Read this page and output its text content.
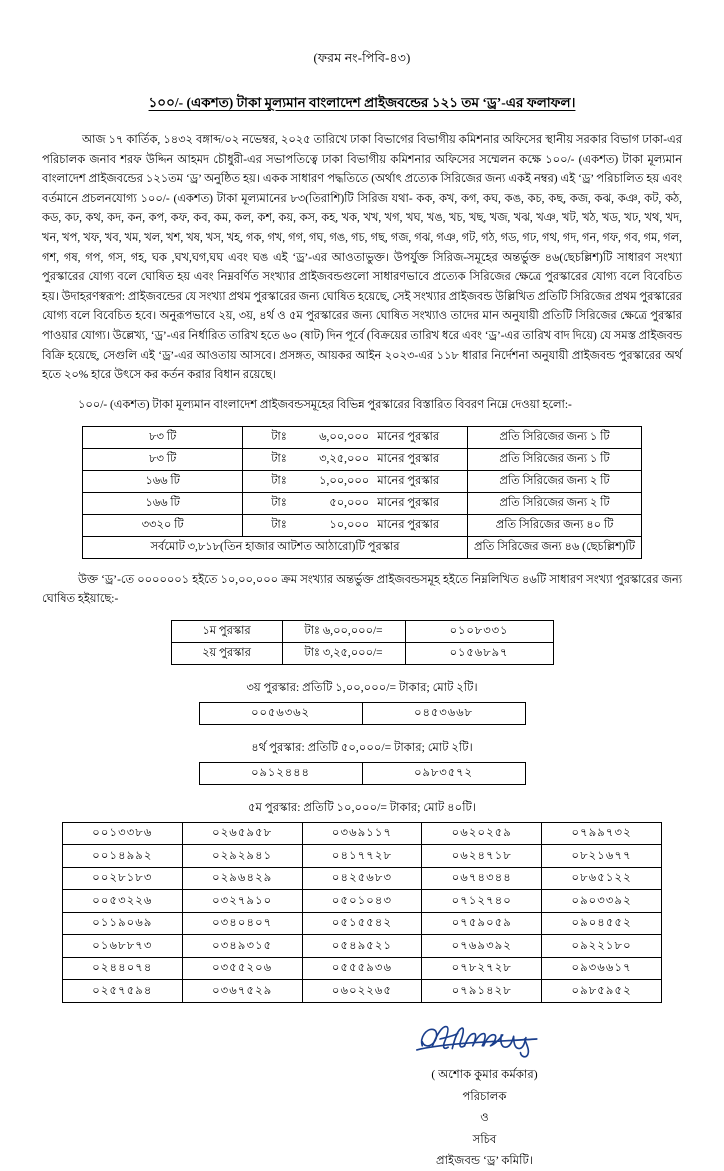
(ফরম নং-পিবি-৪৩)
১০০/- (একশত) টাকা মূল্যমান বাংলাদেশ প্রাইজবন্ডের ১২১ তম ‘ড্র’-এর ফলাফল।

আজ ১৭ কার্তিক, ১৪৩২ বঙ্গাব্দ/০২ নভেম্বর, ২০২৫ তারিখে ঢাকা বিভাগের বিভাগীয় কমিশনার অফিসের স্থানীয় সরকার বিভাগ ঢাকা-এর পরিচালক জনাব শরফ উদ্দিন আহমদ চৌধুরী-এর সভাপতিত্বে ঢাকা বিভাগীয় কমিশনার অফিসের সম্মেলন কক্ষে ১০০/- (একশত) টাকা মূল্যমান বাংলাদেশ প্রাইজবন্ডের ১২১তম ‘ড্র’ অনুষ্ঠিত হয়। একক সাধারণ পদ্ধতিতে (অর্থাৎ প্রত্যেক সিরিজের জন্য একই নম্বর) এই ‘ড্র’ পরিচালিত হয় এবং বর্তমানে প্রচলনযোগ্য ১০০/- (একশত) টাকা মূল্যমানের ৮৩(তিরাশি)টি সিরিজ যথা- কক, কখ, কগ, কঘ, কঙ, কচ, কছ, কজ, কঝ, কঞ, কট, কঠ, কড, কঢ, কথ, কদ, কন, কপ, কফ, কব, কম, কল, কশ, কয়, কস, কহ, খক, খখ, খগ, খঘ, খঙ, খচ, খছ, খজ, খঝ, খঞ, খট, খঠ, খড, খঢ, খথ, খদ, খন, খপ, খফ, খব, খম, খল, খশ, খষ, খস, খহ, গক, গখ, গগ, গঘ, গঙ, গচ, গছ, গজ, গঝ, গঞ, গট, গঠ, গড, গঢ, গথ, গদ, গন, গফ, গব, গম, গল, গশ, গষ, গপ, গস, গহ, ঘক ,ঘখ,ঘগ,ঘঘ এবং ঘঙ এই ‘ড্র’-এর আওতাভুক্ত। উপর্যুক্ত সিরিজ-সমূহের অন্তর্ভুক্ত ৪৬(ছেচল্লিশ)টি সাধারণ সংখ্যা পুরস্কারের যোগ্য বলে ঘোষিত হয় এবং নিম্নবর্ণিত সংখ্যার প্রাইজবন্ডগুলো সাধারণভাবে প্রত্যেক সিরিজের ক্ষেত্রে পুরস্কারের যোগ্য বলে বিবেচিত হয়। উদাহরণস্বরূপ: প্রাইজবন্ডের যে সংখ্যা প্রথম পুরস্কারের জন্য ঘোষিত হয়েছে, সেই সংখ্যার প্রাইজবন্ড উল্লিখিত প্রতিটি সিরিজের প্রথম পুরস্কারের যোগ্য বলে বিবেচিত হবে। অনুরূপভাবে ২য়, ৩য়, ৪র্থ ও ৫ম পুরস্কারের জন্য ঘোষিত সংখ্যাও তাদের মান অনুযায়ী প্রতিটি সিরিজের ক্ষেত্রে পুরস্কার পাওয়ার যোগ্য। উল্লেখ্য, ‘ড্র’-এর নির্ধারিত তারিখ হতে ৬০ (ষাট) দিন পূর্বে (বিক্রয়ের তারিখ ধরে এবং ‘ড্র’-এর তারিখ বাদ দিয়ে) যে সমস্ত প্রাইজবন্ড বিক্রি হয়েছে, সেগুলি এই ‘ড্র’-এর আওতায় আসবে। প্রসঙ্গত, আয়কর আইন ২০২৩-এর ১১৮ ধারার নির্দেশনা অনুযায়ী প্রাইজবন্ড পুরস্কারের অর্থ হতে ২০% হারে উৎসে কর কর্তন করার বিধান রয়েছে।

১০০/- (একশত) টাকা মূল্যমান বাংলাদেশ প্রাইজবন্ডসমূহের বিভিন্ন পুরস্কারের বিস্তারিত বিবরণ নিম্নে দেওয়া হলো:-

৮৩ টি	টাঃ ৬,০০,০০০ মানের পুরস্কার	প্রতি সিরিজের জন্য ১ টি
৮৩ টি	টাঃ ৩,২৫,০০০ মানের পুরস্কার	প্রতি সিরিজের জন্য ১ টি
১৬৬ টি	টাঃ ১,০০,০০০ মানের পুরস্কার	প্রতি সিরিজের জন্য ২ টি
১৬৬ টি	টাঃ ৫০,০০০ মানের পুরস্কার	প্রতি সিরিজের জন্য ২ টি
৩৩২০ টি	টাঃ ১০,০০০ মানের পুরস্কার	প্রতি সিরিজের জন্য ৪০ টি
সর্বমোট ৩,৮১৮(তিন হাজার আটশত আঠারো)টি পুরস্কার		প্রতি সিরিজের জন্য ৪৬ (ছেচল্লিশ)টি

উক্ত ‘ড্র’-তে ০০০০০০১ হইতে ১০,০০,০০০ ক্রম সংখ্যার অন্তর্ভুক্ত প্রাইজবন্ডসমূহ হইতে নিম্নলিখিত ৪৬টি সাধারণ সংখ্যা পুরস্কারের জন্য ঘোষিত হইয়াছে:-

১ম পুরস্কার	টাঃ ৬,০০,০০০/=	০১০৮৩৩১
২য় পুরস্কার	টাঃ ৩,২৫,০০০/=	০১৫৬৮৯৭
৩য় পুরস্কার: প্রতিটি ১,০০,০০০/= টাকার; মোট ২টি।
০০৫৬৩৬২	০৪৫৩৬৬৮
৪র্থ পুরস্কার: প্রতিটি ৫০,০০০/= টাকার; মোট ২টি।
০৯১২৪৪৪	০৯৮৩৫৭২
৫ম পুরস্কার: প্রতিটি ১০,০০০/= টাকার; মোট ৪০টি।
০০১৩৩৮৬	০২৬৫৯৫৮	০৩৬৯১১৭	০৬২০২৫৯	০৭৯৯৭৩২
০০১৪৯৯২	০২৯২৯৪১	০৪১৭৭২৮	০৬২৪৭১৮	০৮২১৬৭৭
০০২৮১৮৩	০২৯৬৪২৯	০৪২৫৬৮৩	০৬৭৪৩৪৪	০৮৬৫১২২
০০৫৩২২৬	০৩২৭৯১০	০৫০১০৪৩	০৭১২৭৪০	০৯০৩৩৯২
০১১৯০৬৯	০৩৪০৪০৭	০৫১৫৫৪২	০৭৫৯০৫৯	০৯০৪৫৫২
০১৬৮৮৭৩	০৩৪৯৩১৫	০৫৪৯৫২১	০৭৬৯৩৯২	০৯২২১৮০
০২৪৪০৭৪	০৩৫৫২০৬	০৫৫৫৯৩৬	০৭৮২৭২৮	০৯৩৬৬১৭
০২৫৭৫৯৪	০৩৬৭৫২৯	০৬০২২৬৫	০৭৯১৪২৮	০৯৮৫৯৫২
( অশোক কুমার কর্মকার)
পরিচালক
ও
সচিব
প্রাইজবন্ড ‘ড্র’ কমিটি।
